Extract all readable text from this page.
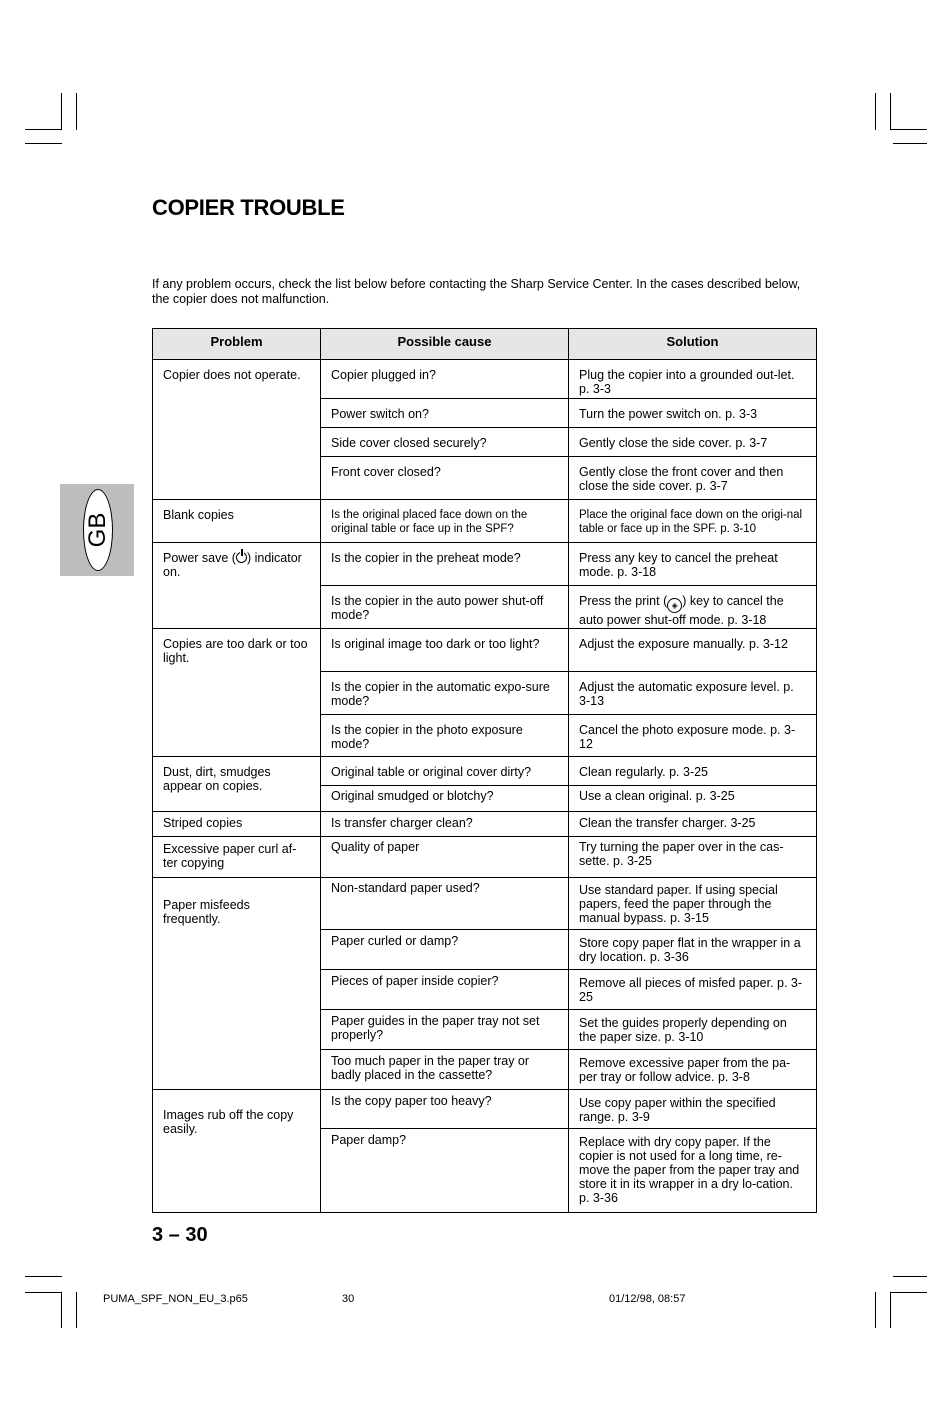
COPIER TROUBLE
If any problem occurs, check the list below before contacting the Sharp Service Center. In the cases described below, the copier does not malfunction.
GB
Problem	Possible cause	Solution
Copier does not operate.	Copier plugged in?	Plug the copier into a grounded out-let. p. 3-3
	Power switch on?	Turn the power switch on. p. 3-3
	Side cover closed securely?	Gently close the side cover. p. 3-7
	Front cover closed?	Gently close the front cover and then close the side cover. p. 3-7
Blank copies	Is the original placed face down on the original table or face up in the SPF?	Place the original face down on the origi-nal table or face up in the SPF. p. 3-10
Power save ( ) indicator on.	Is the copier in the preheat mode?	Press any key to cancel the preheat mode. p. 3-18
	Is the copier in the auto power shut-off mode?	Press the print ( ◈ ) key to cancel the auto power shut-off mode. p. 3-18
Copies are too dark or too light.	Is original image too dark or too light?	Adjust the exposure manually. p. 3-12
	Is the copier in the automatic expo-sure mode?	Adjust the automatic exposure level. p. 3-13
	Is the copier in the photo exposure mode?	Cancel the photo exposure mode. p. 3-12
Dust, dirt, smudges appear on copies.	Original table or original cover dirty?	Clean regularly. p. 3-25
	Original smudged or blotchy?	Use a clean original. p. 3-25
Striped copies	Is transfer charger clean?	Clean the transfer charger. 3-25
Excessive paper curl af-ter copying	Quality of paper	Try turning the paper over in the cas-sette. p. 3-25
Paper misfeeds frequently.	Non-standard paper used?	Use standard paper. If using special papers, feed the paper through the manual bypass. p. 3-15
	Paper curled or damp?	Store copy paper flat in the wrapper in a dry location. p. 3-36
	Pieces of paper inside copier?	Remove all pieces of misfed paper. p. 3-25
	Paper guides in the paper tray not set properly?	Set the guides properly depending on the paper size. p. 3-10
	Too much paper in the paper tray or badly placed in the cassette?	Remove excessive paper from the pa-per tray or follow advice. p. 3-8
Images rub off the copy easily.	Is the copy paper too heavy?	Use copy paper within the specified range. p. 3-9
	Paper damp?	Replace with dry copy paper. If the copier is not used for a long time, re-move the paper from the paper tray and store it in its wrapper in a dry lo-cation. p. 3-36
3 – 30
PUMA_SPF_NON_EU_3.p65	30	01/12/98, 08:57
